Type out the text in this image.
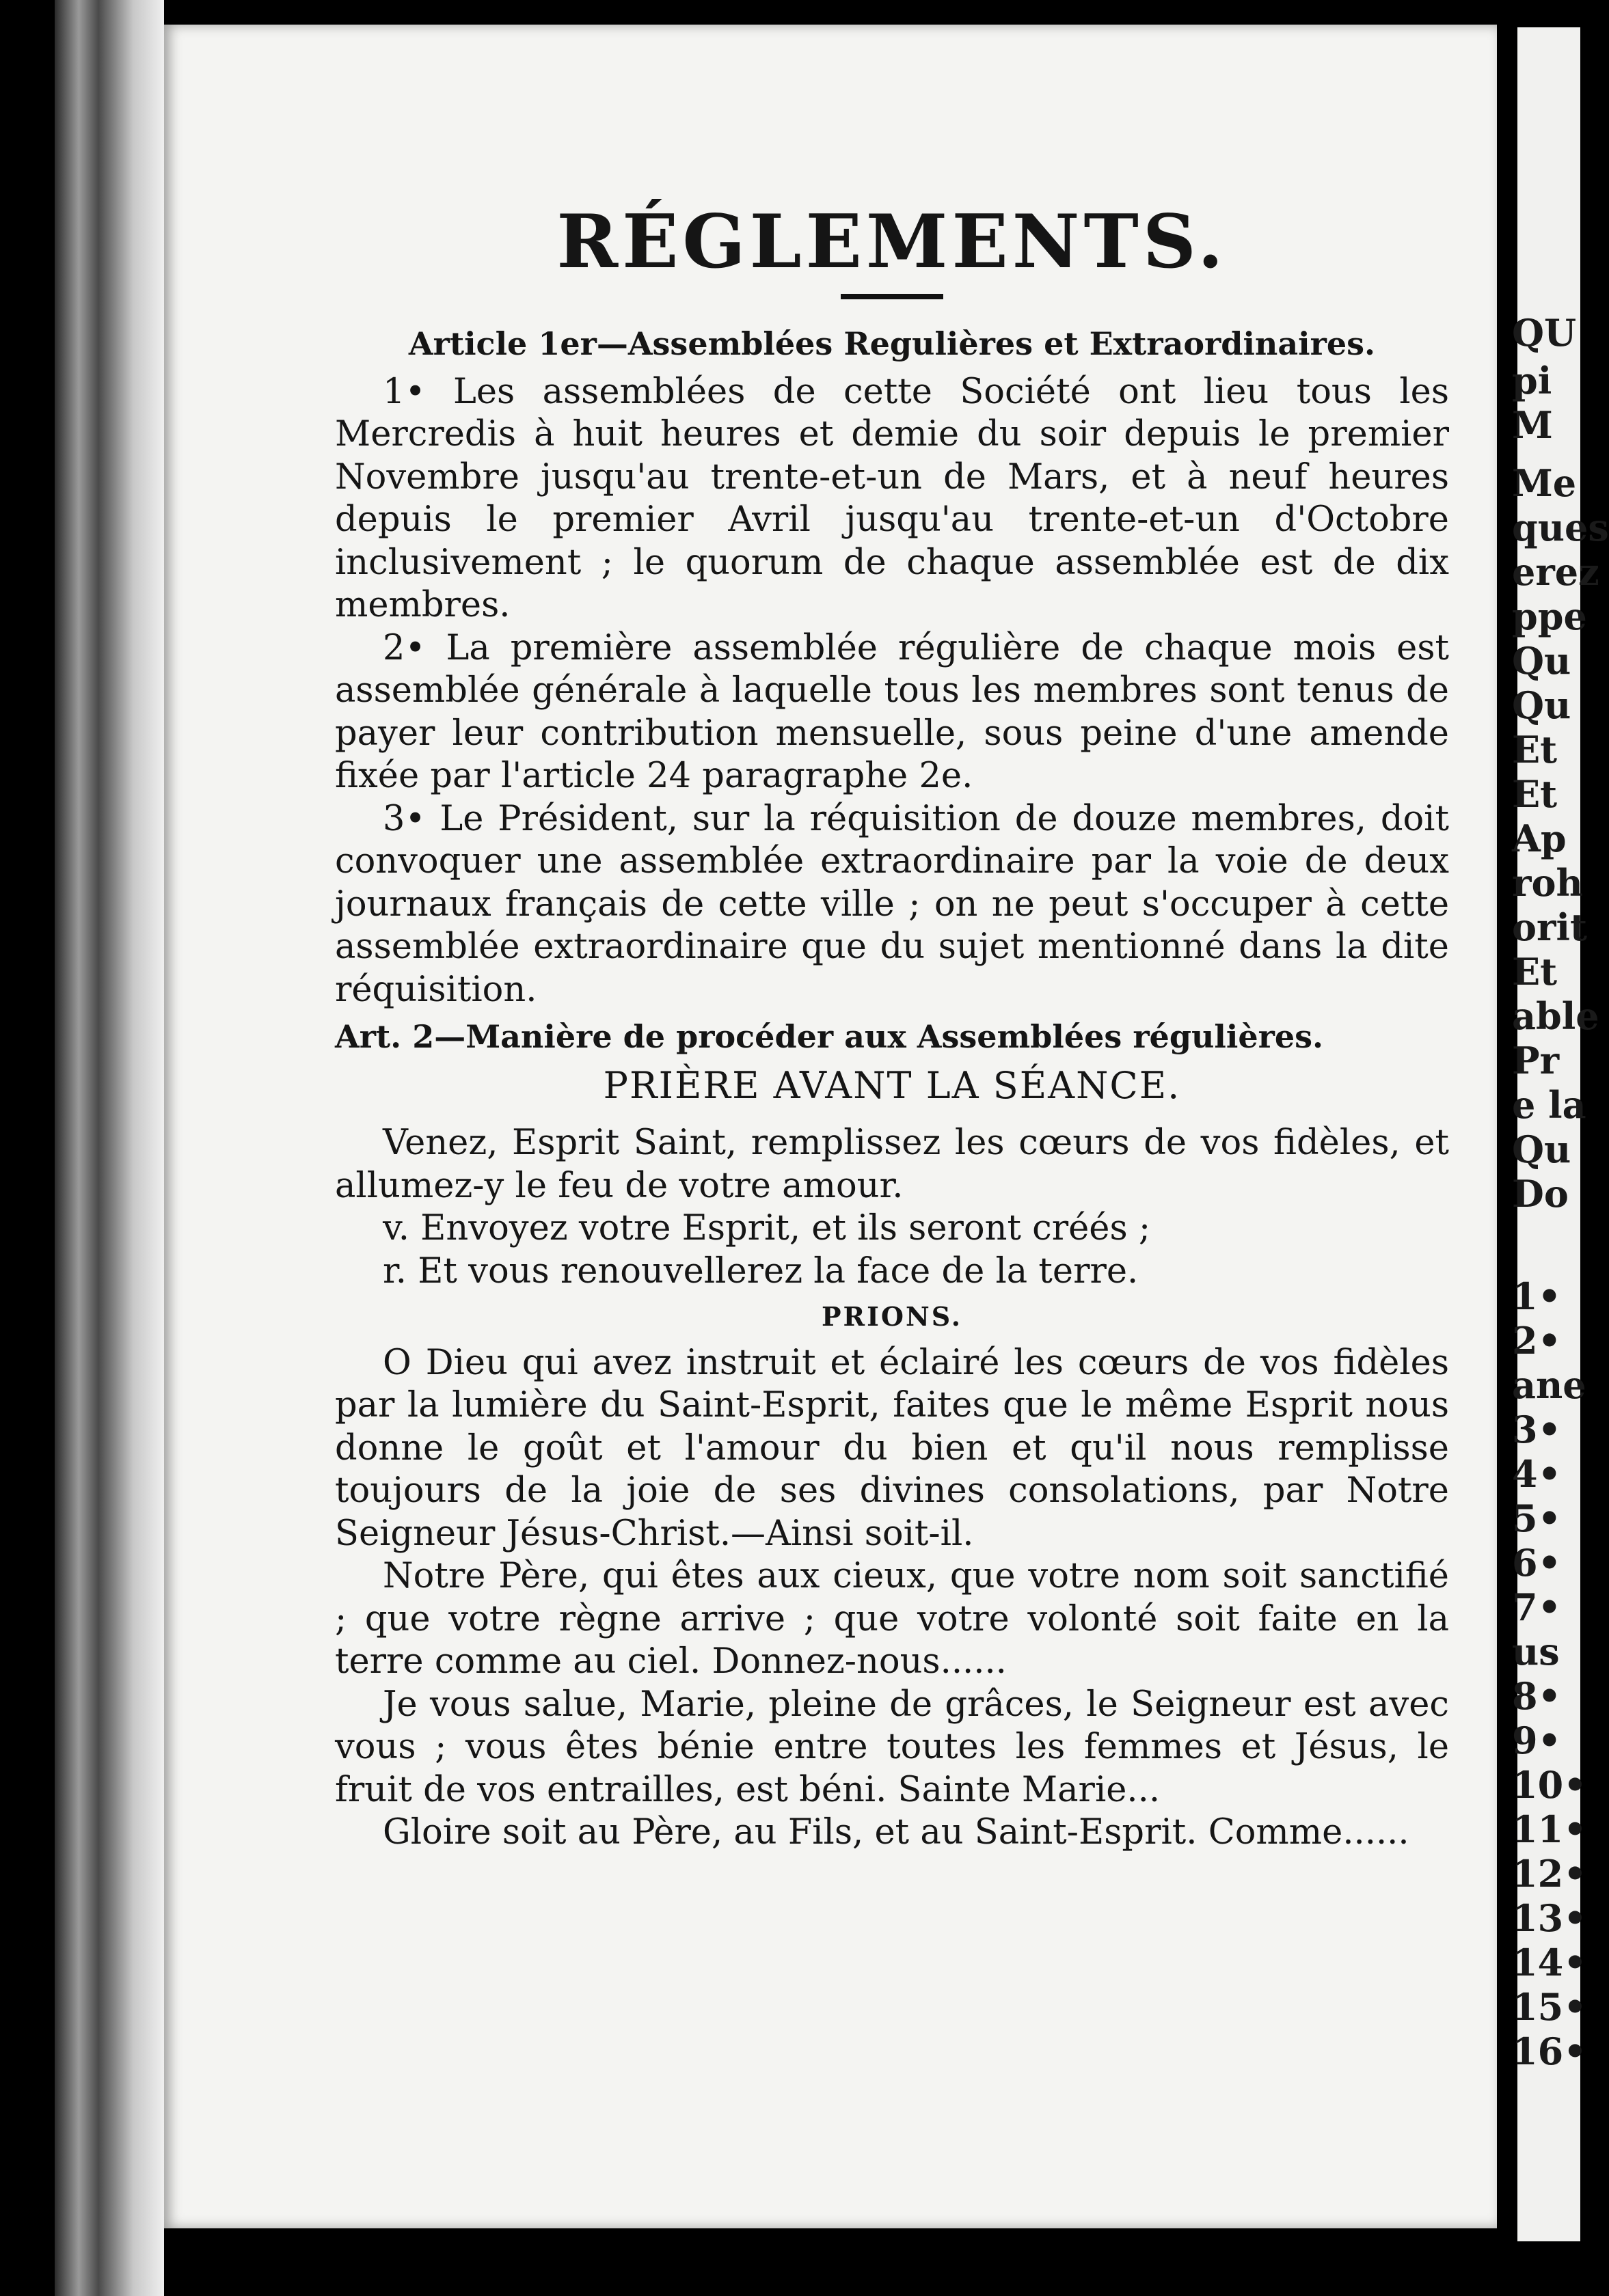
QU
pi
M
Me
ques
erez
ppe
Qu
Qu
Et
Et
Ap
roh
orit
Et
able
Pr
e la
Qu
Do
1•
2•
ane
3•
4•
5•
6•
7•
us
8•
9•
10•
11•
12•
13•
14•
15•
16•
RÉGLEMENTS.
Article 1er—Assemblées Regulières et Extraordinaires.

1• Les assemblées de cette Société ont lieu tous les Mercredis à huit heures et demie du soir depuis le premier Novembre jusqu'au trente-et-un de Mars, et à neuf heures depuis le premier Avril jusqu'au trente-et-un d'Octobre inclusivement ; le quorum de chaque assemblée est de dix membres.

2• La première assemblée régulière de chaque mois est assemblée générale à laquelle tous les membres sont tenus de payer leur contribution mensuelle, sous peine d'une amende fixée par l'article 24 paragraphe 2e.

3• Le Président, sur la réquisition de douze membres, doit convoquer une assemblée extraordinaire par la voie de deux journaux français de cette ville ; on ne peut s'occuper à cette assemblée extraordinaire que du sujet mentionné dans la dite réquisition.

Art. 2—Manière de procéder aux Assemblées régulières.
PRIÈRE AVANT LA SÉANCE.

Venez, Esprit Saint, remplissez les cœurs de vos fidèles, et allumez-y le feu de votre amour.

v. Envoyez votre Esprit, et ils seront créés ;

r. Et vous renouvellerez la face de la terre.

PRIONS.

O Dieu qui avez instruit et éclairé les cœurs de vos fidèles par la lumière du Saint-Esprit, faites que le même Esprit nous donne le goût et l'amour du bien et qu'il nous remplisse toujours de la joie de ses divines consolations, par Notre Seigneur Jésus-Christ.—Ainsi soit-il.

Notre Père, qui êtes aux cieux, que votre nom soit sanctifié ; que votre règne arrive ; que votre volonté soit faite en la terre comme au ciel. Donnez-nous......

Je vous salue, Marie, pleine de grâces, le Seigneur est avec vous ; vous êtes bénie entre toutes les femmes et Jésus, le fruit de vos entrailles, est béni. Sainte Marie...

Gloire soit au Père, au Fils, et au Saint-Esprit. Comme......
